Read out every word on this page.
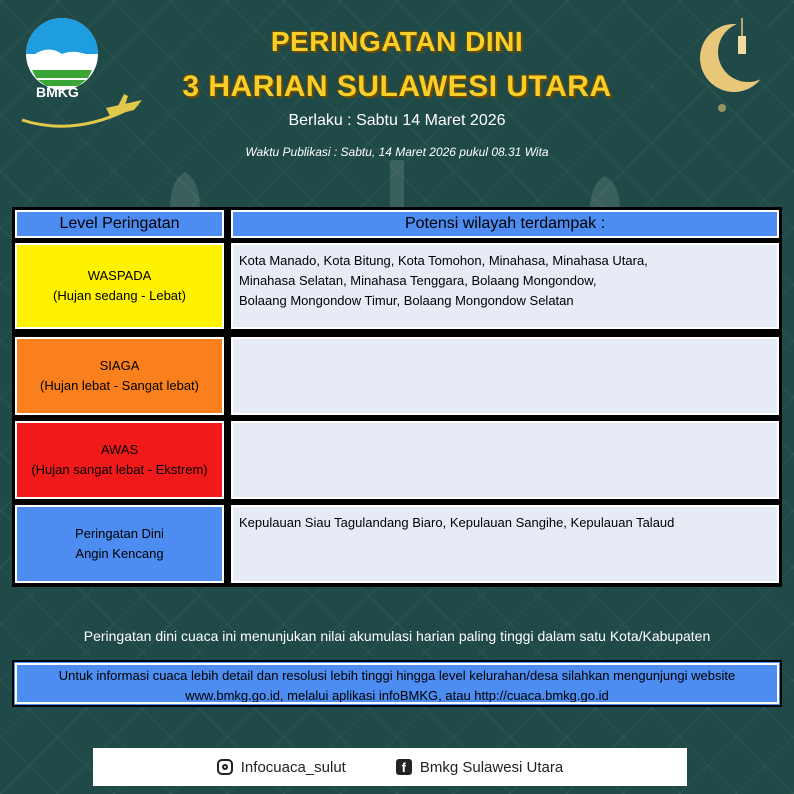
BMKG
PERINGATAN DINI
3 HARIAN SULAWESI UTARA
Berlaku : Sabtu 14 Maret 2026
Waktu Publikasi : Sabtu, 14 Maret 2026 pukul 08.31 Wita
Level Peringatan	Potensi wilayah terdampak :
WASPADA
(Hujan sedang - Lebat)
Kota Manado, Kota Bitung, Kota Tomohon, Minahasa, Minahasa Utara,
Minahasa Selatan, Minahasa Tenggara, Bolaang Mongondow,
Bolaang Mongondow Timur, Bolaang Mongondow Selatan
SIAGA
(Hujan lebat - Sangat lebat)
AWAS
(Hujan sangat lebat - Ekstrem)
Peringatan Dini
Angin Kencang
Kepulauan Siau Tagulandang Biaro, Kepulauan Sangihe, Kepulauan Talaud
Peringatan dini cuaca ini menunjukan nilai akumulasi harian paling tinggi dalam satu Kota/Kabupaten
Untuk informasi cuaca lebih detail dan resolusi lebih tinggi hingga level kelurahan/desa silahkan mengunjungi website
www.bmkg.go.id, melalui aplikasi infoBMKG, atau http://cuaca.bmkg.go.id
Infocuaca_sulut	f Bmkg Sulawesi Utara
